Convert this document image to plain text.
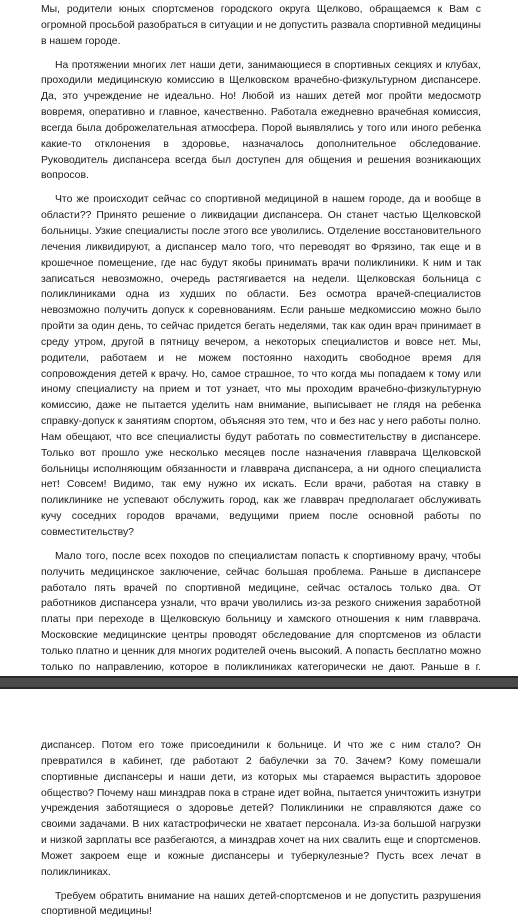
Мы, родители юных спортсменов городского округа Щелково, обращаемся к Вам с огромной просьбой разобраться в ситуации и не допустить развала спортивной медицины в нашем городе.

На протяжении многих лет наши дети, занимающиеся в спортивных секциях и клубах, проходили медицинскую комиссию в Щелковском врачебно-физкультурном диспансере. Да, это учреждение не идеально. Но! Любой из наших детей мог пройти медосмотр вовремя, оперативно и главное, качественно. Работала ежедневно врачебная комиссия, всегда была доброжелательная атмосфера. Порой выявлялись у того или иного ребенка какие-то отклонения в здоровье, назначалось дополнительное обследование. Руководитель диспансера всегда был доступен для общения и решения возникающих вопросов.

Что же происходит сейчас со спортивной медициной в нашем городе, да и вообще в области?? Принято решение о ликвидации диспансера. Он станет частью Щелковской больницы. Узкие специалисты после этого все уволились. Отделение восстановительного лечения ликвидируют, а диспансер мало того, что переводят во Фрязино, так еще и в крошечное помещение, где нас будут якобы принимать врачи поликлиники. К ним и так записаться невозможно, очередь растягивается на недели. Щелковская больница с поликлиниками одна из худших по области. Без осмотра врачей-специалистов невозможно получить допуск к соревнованиям. Если раньше медкомиссию можно было пройти за один день, то сейчас придется бегать неделями, так как один врач принимает в среду утром, другой в пятницу вечером, а некоторых специалистов и вовсе нет. Мы, родители, работаем и не можем постоянно находить свободное время для сопровождения детей к врачу. Но, самое страшное, то что когда мы попадаем к тому или иному специалисту на прием и тот узнает, что мы проходим врачебно-физкультурную комиссию, даже не пытается уделить нам внимание, выписывает не глядя на ребенка справку-допуск к занятиям спортом, объясняя это тем, что и без нас у него работы полно. Нам обещают, что все специалисты будут работать по совместительству в диспансере. Только вот прошло уже несколько месяцев после назначения главврача Щелковской больницы исполняющим обязанности и главврача диспансера, а ни одного специалиста нет! Совсем! Видимо, так ему нужно их искать. Если врачи, работая на ставку в поликлинике не успевают обслужить город, как же главврач предполагает обслуживать кучу соседних городов врачами, ведущими прием после основной работы по совместительству?

Мало того, после всех походов по специалистам попасть к спортивному врачу, чтобы получить медицинское заключение, сейчас большая проблема. Раньше в диспансере работало пять врачей по спортивной медицине, сейчас осталось только два. От работников диспансера узнали, что врачи уволились из-за резкого снижения заработной платы при переходе в Щелковскую больницу и хамского отношения к ним главврача. Московские медицинские центры проводят обследование для спортсменов из области только платно и ценник для многих родителей очень высокий. А попасть бесплатно можно только по направлению, которое в поликлиниках категорически не дают. Раньше в г.

диспансер. Потом его тоже присоединили к больнице. И что же с ним стало? Он превратился в кабинет, где работают 2 бабулечки за 70. Зачем? Кому помешали спортивные диспансеры и наши дети, из которых мы стараемся вырастить здоровое общество? Почему наш минздрав пока в стране идет война, пытается уничтожить изнутри учреждения заботящиеся о здоровье детей? Поликлиники не справляются даже со своими задачами. В них катастрофически не хватает персонала. Из-за большой нагрузки и низкой зарплаты все разбегаются, а минздрав хочет на них свалить еще и спортсменов. Может закроем еще и кожные диспансеры и туберкулезные? Пусть всех лечат в поликлиниках.

Требуем обратить внимание на наших детей-спортсменов и не допустить разрушения спортивной медицины!
